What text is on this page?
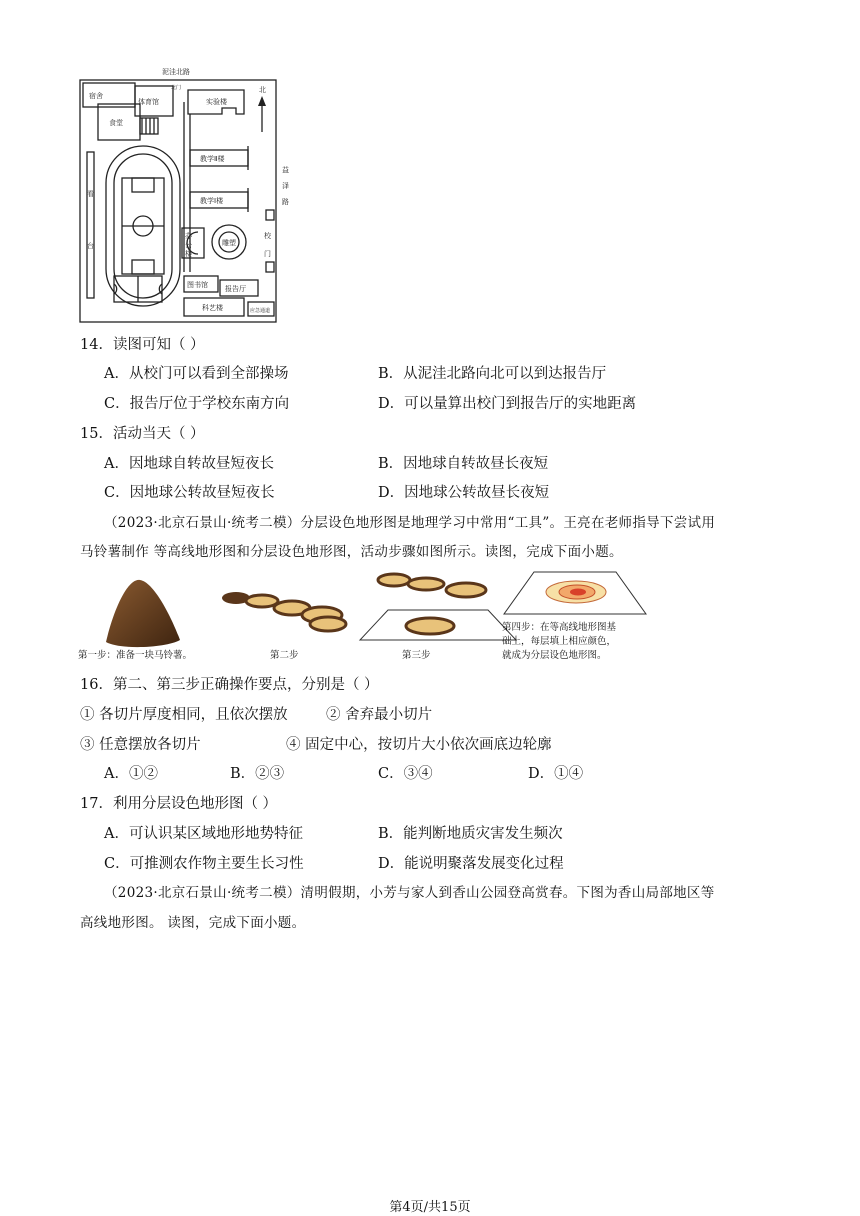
泥洼北路
北门	北
宿舍
体育馆
食堂
实验楼
教学Ⅱ楼
教学Ⅰ楼
办
公
楼
雕塑
图书馆 报告厅
科艺楼	应急通道
益
泽
路
校
门
看
台
14．读图可知（ ）
A．从校门可以看到全部操场	B．从泥洼北路向北可以到达报告厅
C．报告厅位于学校东南方向	D．可以量算出校门到报告厅的实地距离
15．活动当天（ ）
A．因地球自转故昼短夜长	B．因地球自转故昼长夜短
C．因地球公转故昼短夜长	D．因地球公转故昼长夜短
（2023·北京石景山·统考二模）分层设色地形图是地理学习中常用“工具”。王亮在老师指导下尝试用
马铃薯制作 等高线地形图和分层设色地形图，活动步骤如图所示。读图，完成下面小题。
第一步：准备一块马铃薯。	第二步	第三步
第四步：在等高线地形图基
础上，每层填上相应颜色，
就成为分层设色地形图。
16．第二、第三步正确操作要点，分别是（ ）
① 各切片厚度相同，且依次摆放	② 舍弃最小切片
③ 任意摆放各切片	④ 固定中心，按切片大小依次画底边轮廓
A．①②	B．②③	C．③④	D．①④
17．利用分层设色地形图（ ）
A．可认识某区域地形地势特征	B．能判断地质灾害发生频次
C．可推测农作物主要生长习性	D．能说明聚落发展变化过程
（2023·北京石景山·统考二模）清明假期，小芳与家人到香山公园登高赏春。下图为香山局部地区等
高线地形图。 读图，完成下面小题。
第4页/共15页
